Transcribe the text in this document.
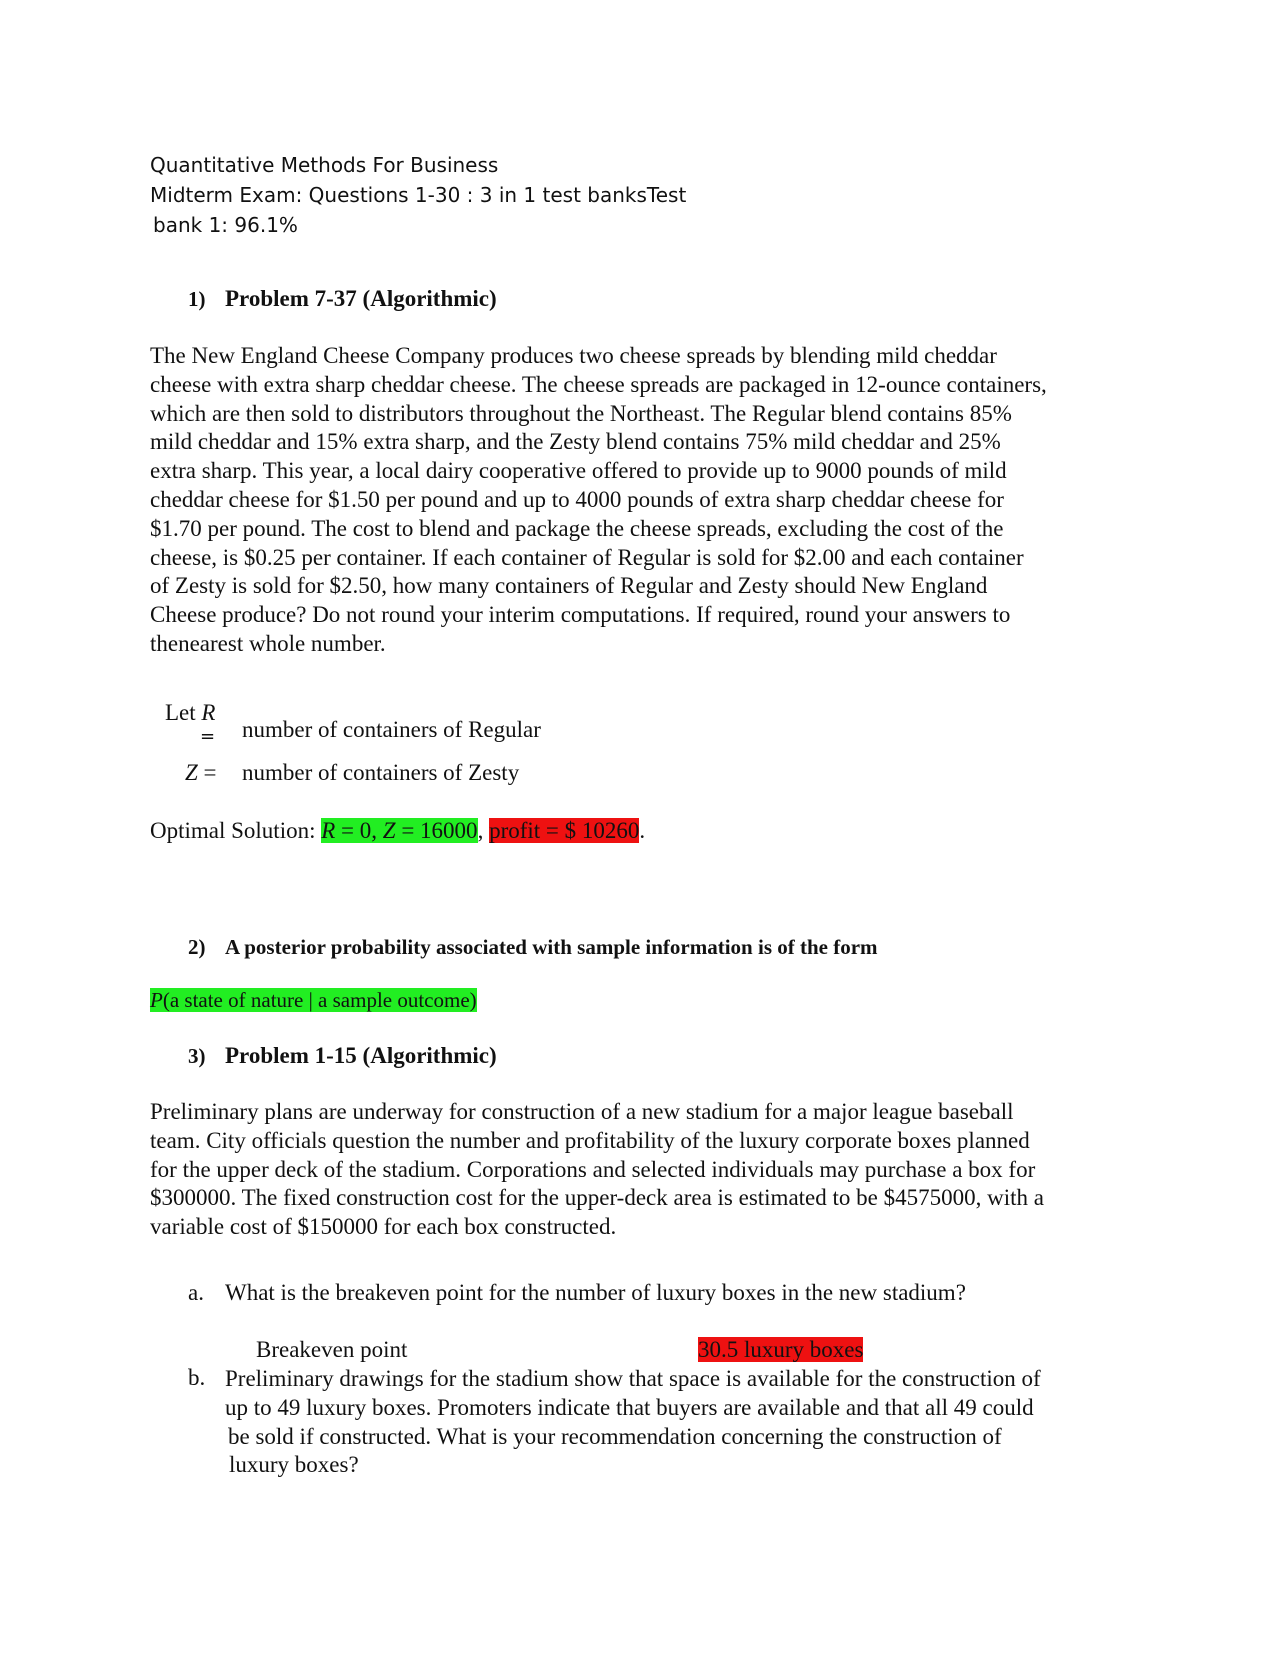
Quantitative Methods For Business
Midterm Exam: Questions 1-30 : 3 in 1 test banksTest
bank 1: 96.1%
1) Problem 7-37 (Algorithmic)
The New England Cheese Company produces two cheese spreads by blending mild cheddar
cheese with extra sharp cheddar cheese. The cheese spreads are packaged in 12-ounce containers,
which are then sold to distributors throughout the Northeast. The Regular blend contains 85%
mild cheddar and 15% extra sharp, and the Zesty blend contains 75% mild cheddar and 25%
extra sharp. This year, a local dairy cooperative offered to provide up to 9000 pounds of mild
cheddar cheese for $1.50 per pound and up to 4000 pounds of extra sharp cheddar cheese for
$1.70 per pound. The cost to blend and package the cheese spreads, excluding the cost of the
cheese, is $0.25 per container. If each container of Regular is sold for $2.00 and each container
of Zesty is sold for $2.50, how many containers of Regular and Zesty should New England
Cheese produce? Do not round your interim computations. If required, round your answers to
thenearest whole number.
Let R
= number of containers of Regular
Z = number of containers of Zesty
Optimal Solution: R = 0, Z = 16000, profit = $ 10260.
2) A posterior probability associated with sample information is of the form
P(a state of nature | a sample outcome)
3) Problem 1-15 (Algorithmic)
Preliminary plans are underway for construction of a new stadium for a major league baseball
team. City officials question the number and profitability of the luxury corporate boxes planned
for the upper deck of the stadium. Corporations and selected individuals may purchase a box for
$300000. The fixed construction cost for the upper-deck area is estimated to be $4575000, with a
variable cost of $150000 for each box constructed.
a. What is the breakeven point for the number of luxury boxes in the new stadium?
Breakeven point	30.5 luxury boxes
b. Preliminary drawings for the stadium show that space is available for the construction of
up to 49 luxury boxes. Promoters indicate that buyers are available and that all 49 could
be sold if constructed. What is your recommendation concerning the construction of
luxury boxes?
